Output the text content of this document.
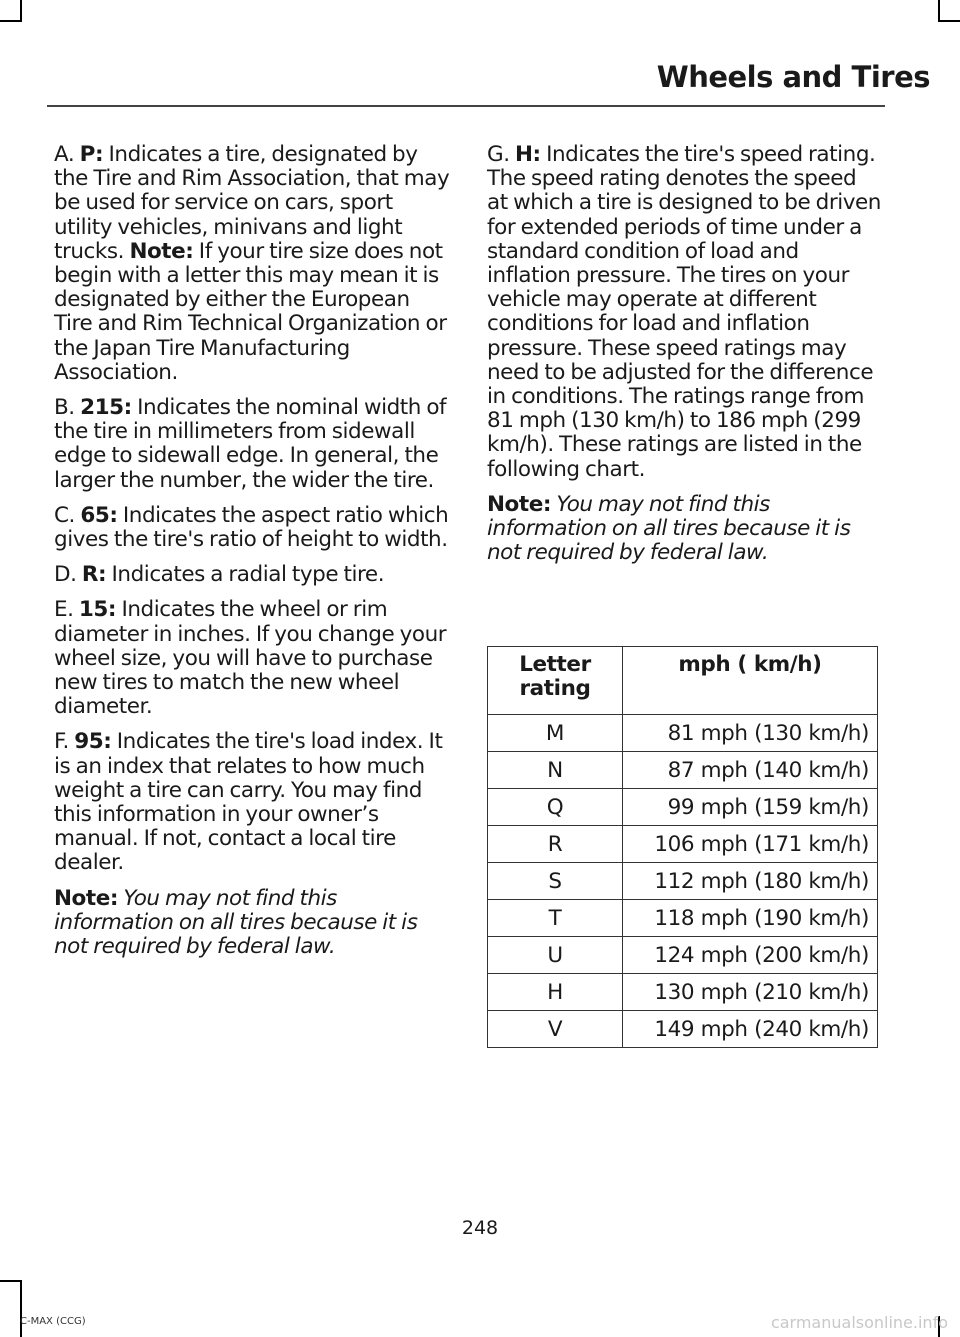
Wheels and Tires

A. P: Indicates a tire, designated by the Tire and Rim Association, that may be used for service on cars, sport utility vehicles, minivans and light trucks. Note: If your tire size does not begin with a letter this may mean it is designated by either the European Tire and Rim Technical Organization or the Japan Tire Manufacturing Association.

B. 215: Indicates the nominal width of the tire in millimeters from sidewall edge to sidewall edge. In general, the larger the number, the wider the tire.

C. 65: Indicates the aspect ratio which gives the tire's ratio of height to width.

D. R: Indicates a radial type tire.

E. 15: Indicates the wheel or rim diameter in inches. If you change your wheel size, you will have to purchase new tires to match the new wheel diameter.

F. 95: Indicates the tire's load index. It is an index that relates to how much weight a tire can carry. You may find this information in your owner’s manual. If not, contact a local tire dealer.

Note: You may not find this information on all tires because it is not required by federal law.

G. H: Indicates the tire's speed rating. The speed rating denotes the speed at which a tire is designed to be driven for extended periods of time under a standard condition of load and inflation pressure. The tires on your vehicle may operate at different conditions for load and inflation pressure. These speed ratings may need to be adjusted for the difference in conditions. The ratings range from 81 mph (130 km/h) to 186 mph (299 km/h). These ratings are listed in the following chart.

Note: You may not find this information on all tires because it is not required by federal law.

Letter rating	mph ( km/h)
M	81 mph (130 km/h)
N	87 mph (140 km/h)
Q	99 mph (159 km/h)
R	106 mph (171 km/h)
S	112 mph (180 km/h)
T	118 mph (190 km/h)
U	124 mph (200 km/h)
H	130 mph (210 km/h)
V	149 mph (240 km/h)
248
C-MAX (CCG)	carmanualsonline.info
